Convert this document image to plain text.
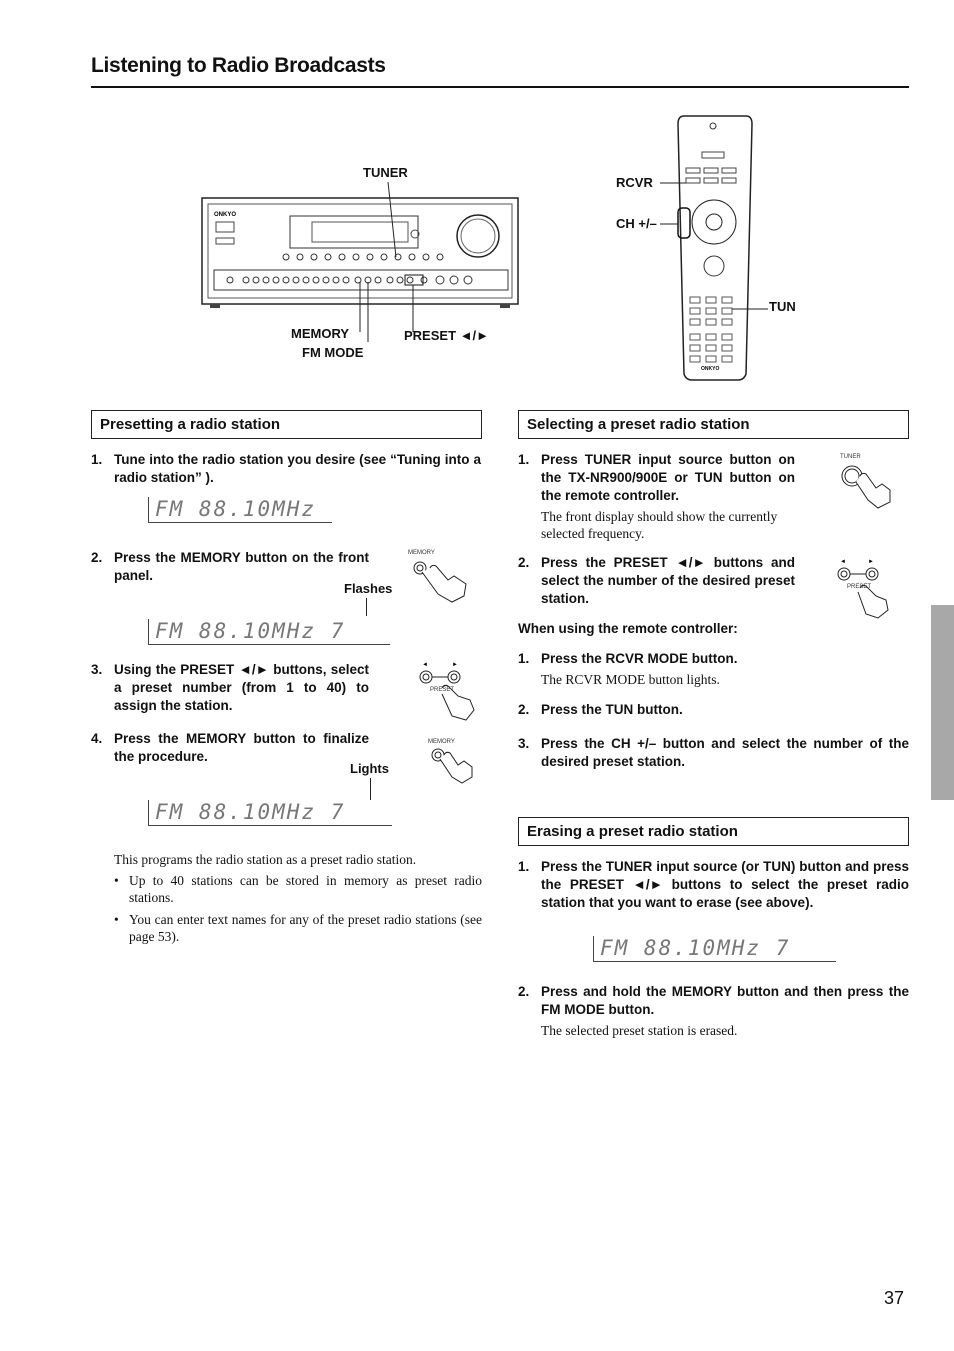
Listening to Radio Broadcasts
ONKYO
TUNER
MEMORY
FM MODE
PRESET ◄/►
ONKYO
RCVR
CH +/–
TUN
Presetting a radio station
1. Tune into the radio station you desire (see “Tuning into a radio station” ).
FM 88.10MHz
2. Press the MEMORY button on the front panel.
MEMORY
Flashes
FM 88.10MHz 7
3. Using the PRESET ◄/► buttons, select a preset number (from 1 to 40) to assign the station.
◄	►
PRESET
4. Press the MEMORY button to finalize the procedure.
MEMORY
Lights
FM 88.10MHz 7
This programs the radio station as a preset radio station.
• Up to 40 stations can be stored in memory as preset radio stations.
• You can enter text names for any of the preset radio stations (see page 53).
Selecting a preset radio station
1. Press TUNER input source button on the TX-NR900/900E or TUN button on the remote controller.
The front display should show the currently selected frequency.
TUNER
2. Press the PRESET ◄/► buttons and select the number of the desired preset station.
◄	►
PRESET
When using the remote controller:
1. Press the RCVR MODE button.
The RCVR MODE button lights.
2. Press the TUN button.
3. Press the CH +/– button and select the number of the desired preset station.
Erasing a preset radio station
1. Press the TUNER input source (or TUN) button and press the PRESET ◄/► buttons to select the preset radio station that you want to erase (see above).
FM 88.10MHz 7
2. Press and hold the MEMORY button and then press the FM MODE button.
The selected preset station is erased.
37
